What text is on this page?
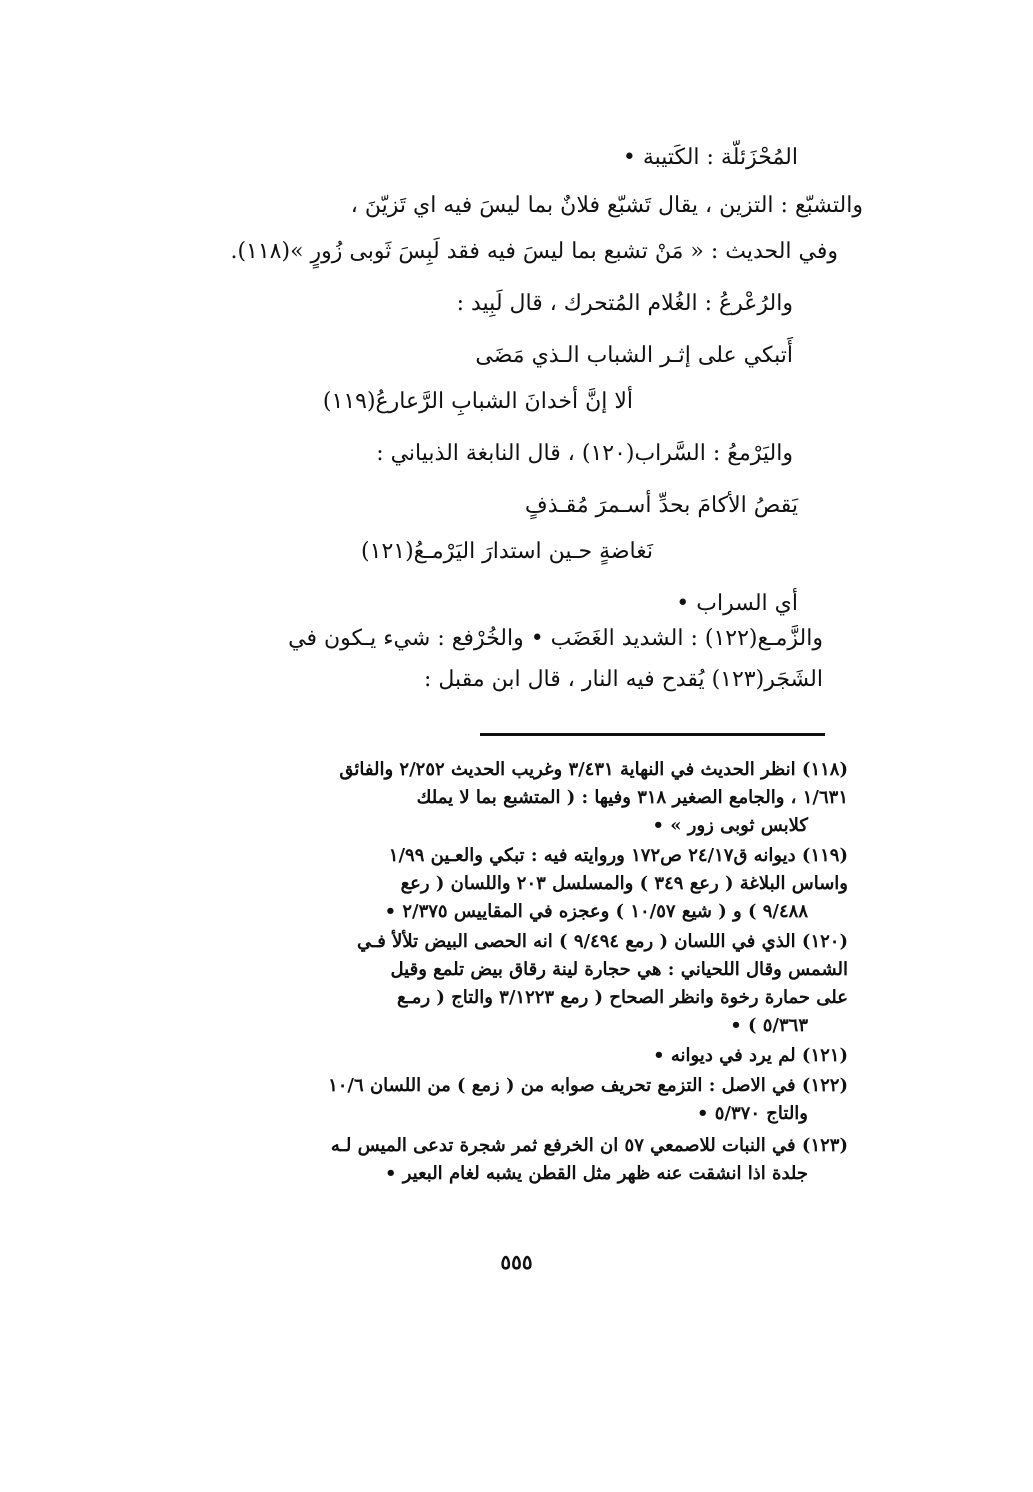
المُحْزَئلّة : الكَتيبة •
والتشبّع : التزين ، يقال تَشبّع فلانٌ بما ليسَ فيه اي تَزيّنَ ،
وفي الحديث : « مَنْ تشبع بما ليسَ فيه فقد لَبِسَ ثَوبى زُورٍ »(١١٨).
والرُعْرعُ : الغُلام المُتحرك ، قال لَبِيد :
أَتبكي على إثـر الشباب الـذي مَضَى
ألا إنَّ أخدانَ الشبابِ الرَّعارعُ(١١٩)
واليَرْمعُ : السَّراب(١٢٠) ، قال النابغة الذبياني :
يَقصُ الأكامَ بحدِّ أسـمرَ مُقـذفٍ
نَغاضةٍ حـين استدارَ اليَرْمـعُ(١٢١)
أي السراب •
والزَّمـع(١٢٢) : الشديد الغَضَب • والخُرْفع : شيء يـكون في
الشَجَر(١٢٣) يُقدح فيه النار ، قال ابن مقبل :
(١١٨) انظر الحديث في النهاية ٣/٤٣١ وغريب الحديث ٢/٢٥٢ والفائق
١/٦٣١ ، والجامع الصغير ٣١٨ وفيها : ( المتشبع بما لا يملك
كلابس ثوبى زور » •
(١١٩) ديوانه ق٢٤/١٧ ص١٧٢ وروايته فيه : تبكي والعـين ١/٩٩
واساس البلاغة ( رعع ٣٤٩ ) والمسلسل ٢٠٣ واللسان ( رعع
٩/٤٨٨ ) و ( شيع ١٠/٥٧ ) وعجزه في المقاييس ٢/٣٧٥ •
(١٢٠) الذي في اللسان ( رمع ٩/٤٩٤ ) انه الحصى البيض تلألأ فـي
الشمس وقال اللحياني : هي حجارة لينة رقاق بيض تلمع وقيل
على حمارة رخوة وانظر الصحاح ( رمع ٣/١٢٢٣ والتاج ( رمـع
٥/٣٦٣ ) •
(١٢١) لم يرد في ديوانه •
(١٢٢) في الاصل : التزمع تحريف صوابه من ( زمع ) من اللسان ١٠/٦
والتاج ٥/٣٧٠ •
(١٢٣) في النبات للاصمعي ٥٧ ان الخرفع ثمر شجرة تدعى الميس لـه
جلدة اذا انشقت عنه ظهر مثل القطن يشبه لغام البعير •
٥٥٥
